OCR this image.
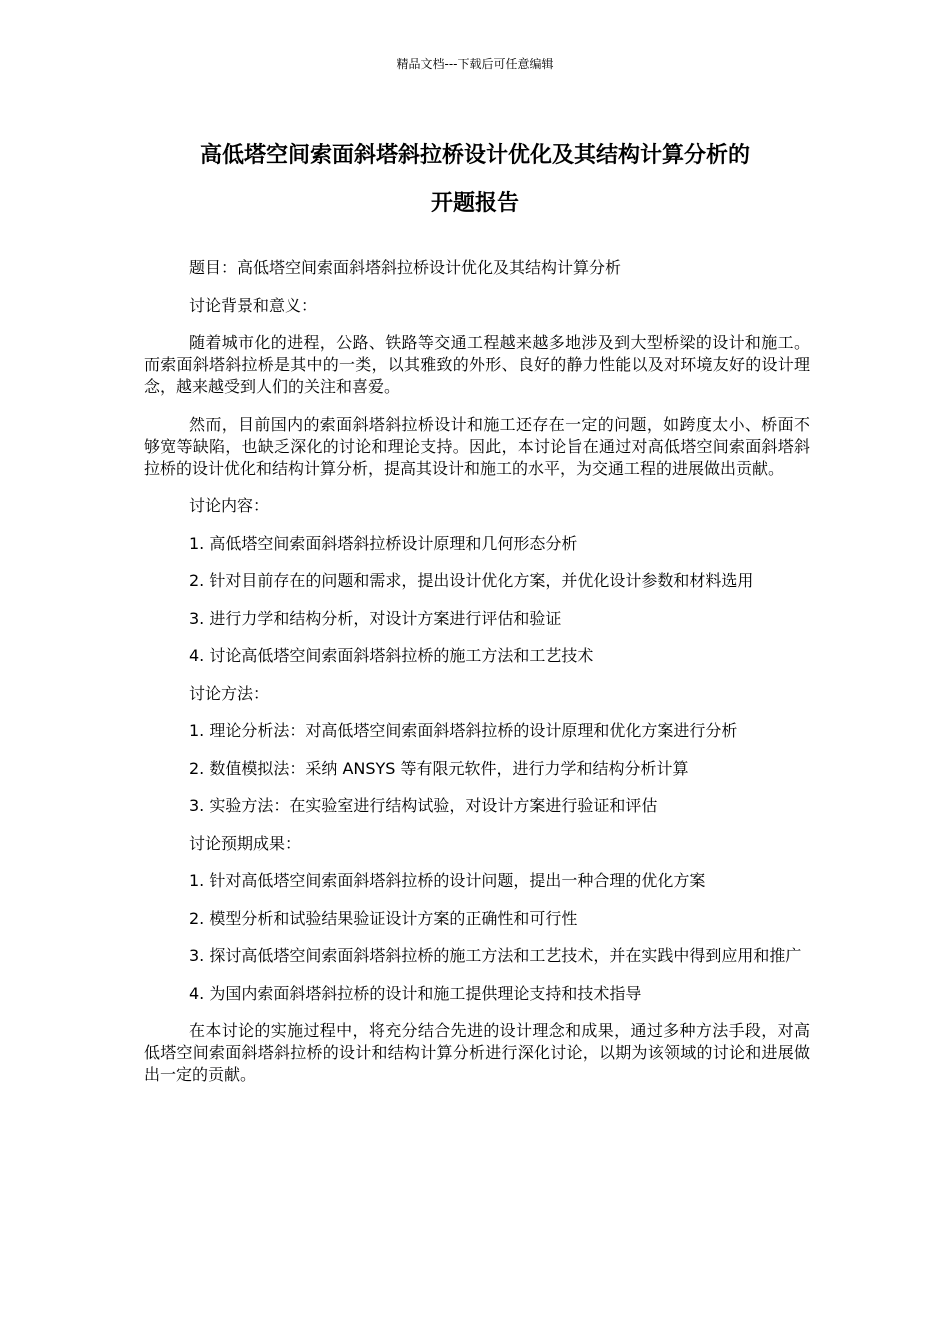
精品文档---下载后可任意编辑
高低塔空间索面斜塔斜拉桥设计优化及其结构计算分析的
开题报告

题目：高低塔空间索面斜塔斜拉桥设计优化及其结构计算分析

讨论背景和意义：

随着城市化的进程，公路、铁路等交通工程越来越多地涉及到大型桥梁的设计和施工。而索面斜塔斜拉桥是其中的一类，以其雅致的外形、良好的静力性能以及对环境友好的设计理念，越来越受到人们的关注和喜爱。

然而，目前国内的索面斜塔斜拉桥设计和施工还存在一定的问题，如跨度太小、桥面不够宽等缺陷，也缺乏深化的讨论和理论支持。因此，本讨论旨在通过对高低塔空间索面斜塔斜拉桥的设计优化和结构计算分析，提高其设计和施工的水平，为交通工程的进展做出贡献。

讨论内容：

1. 高低塔空间索面斜塔斜拉桥设计原理和几何形态分析

2. 针对目前存在的问题和需求，提出设计优化方案，并优化设计参数和材料选用

3. 进行力学和结构分析，对设计方案进行评估和验证

4. 讨论高低塔空间索面斜塔斜拉桥的施工方法和工艺技术

讨论方法：

1. 理论分析法：对高低塔空间索面斜塔斜拉桥的设计原理和优化方案进行分析

2. 数值模拟法：采纳 ANSYS 等有限元软件，进行力学和结构分析计算

3. 实验方法：在实验室进行结构试验，对设计方案进行验证和评估

讨论预期成果：

1. 针对高低塔空间索面斜塔斜拉桥的设计问题，提出一种合理的优化方案

2. 模型分析和试验结果验证设计方案的正确性和可行性

3. 探讨高低塔空间索面斜塔斜拉桥的施工方法和工艺技术，并在实践中得到应用和推广

4. 为国内索面斜塔斜拉桥的设计和施工提供理论支持和技术指导

在本讨论的实施过程中，将充分结合先进的设计理念和成果，通过多种方法手段，对高低塔空间索面斜塔斜拉桥的设计和结构计算分析进行深化讨论，以期为该领域的讨论和进展做出一定的贡献。
